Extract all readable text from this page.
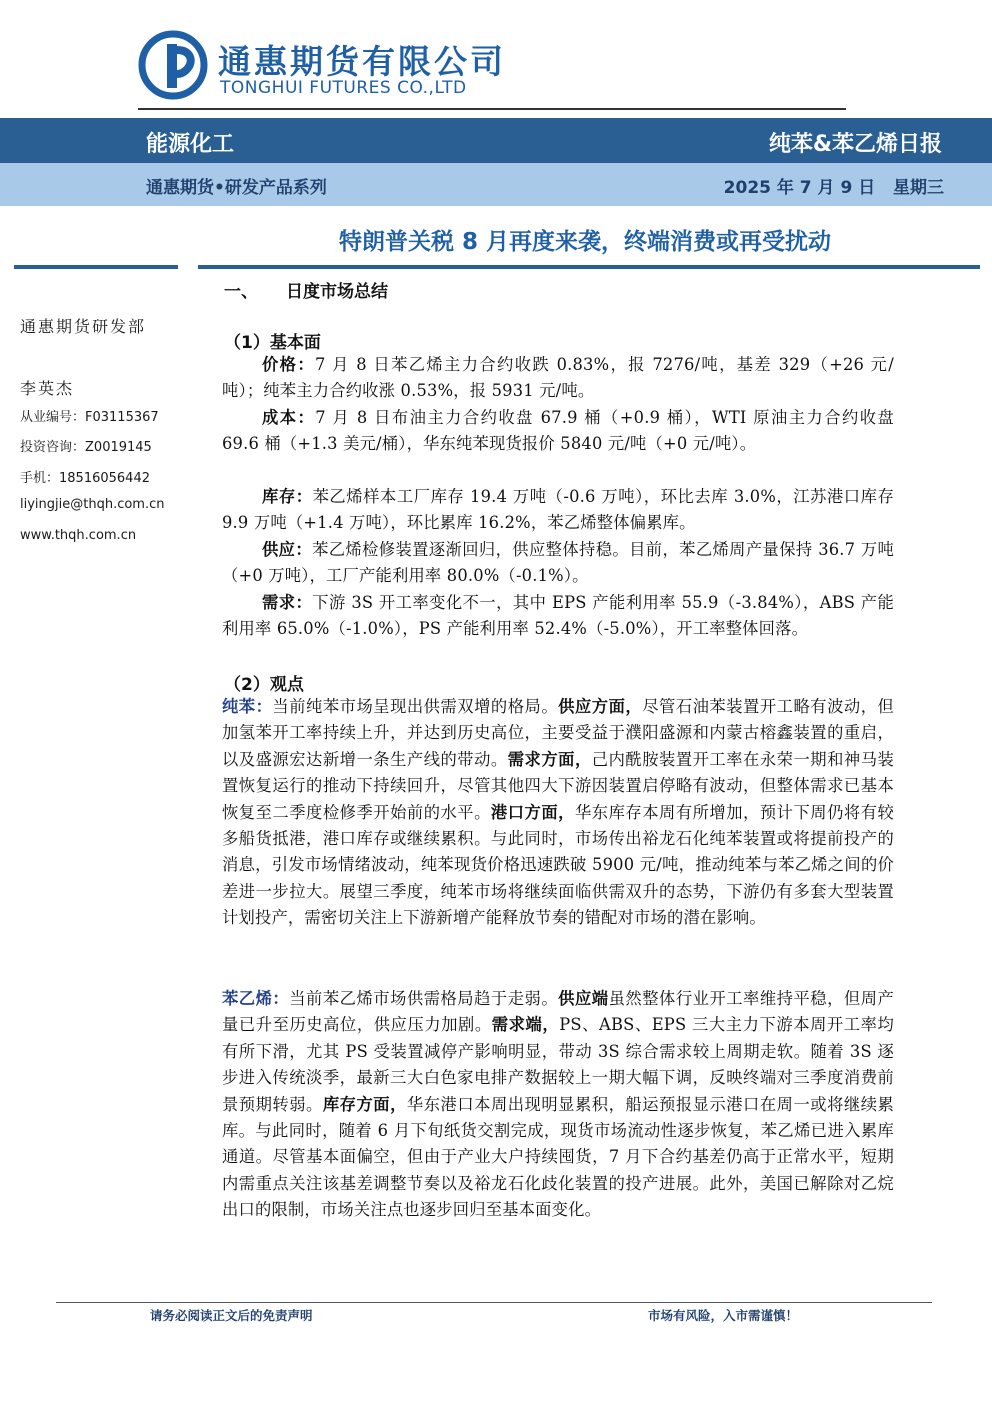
通惠期货有限公司
TONGHUI FUTURES CO.,LTD
能源化工	纯苯&苯乙烯日报
通惠期货•研发产品系列	2025 年 7 月 9 日 星期三
特朗普关税 8 月再度来袭，终端消费或再受扰动
通惠期货研发部
李英杰
从业编号：F03115367
投资咨询：Z0019145
手机：18516056442
liyingjie@thqh.com.cn
www.thqh.com.cn
一、 日度市场总结
（1）基本面
价格：7 月 8 日苯乙烯主力合约收跌 0.83%，报 7276/吨，基差 329（+26 元/吨）；纯苯主力合约收涨 0.53%，报 5931 元/吨。
成本：7 月 8 日布油主力合约收盘 67.9 桶（+0.9 桶），WTI 原油主力合约收盘 69.6 桶（+1.3 美元/桶），华东纯苯现货报价 5840 元/吨（+0 元/吨）。
库存：苯乙烯样本工厂库存 19.4 万吨（-0.6 万吨），环比去库 3.0%，江苏港口库存 9.9 万吨（+1.4 万吨），环比累库 16.2%，苯乙烯整体偏累库。
供应：苯乙烯检修装置逐渐回归，供应整体持稳。目前，苯乙烯周产量保持 36.7 万吨（+0 万吨），工厂产能利用率 80.0%（-0.1%）。
需求：下游 3S 开工率变化不一，其中 EPS 产能利用率 55.9（-3.84%），ABS 产能利用率 65.0%（-1.0%），PS 产能利用率 52.4%（-5.0%），开工率整体回落。
（2）观点
纯苯：当前纯苯市场呈现出供需双增的格局。供应方面，尽管石油苯装置开工略有波动，但加氢苯开工率持续上升，并达到历史高位，主要受益于濮阳盛源和内蒙古榕鑫装置的重启，以及盛源宏达新增一条生产线的带动。需求方面，己内酰胺装置开工率在永荣一期和神马装置恢复运行的推动下持续回升，尽管其他四大下游因装置启停略有波动，但整体需求已基本恢复至二季度检修季开始前的水平。港口方面，华东库存本周有所增加，预计下周仍将有较多船货抵港，港口库存或继续累积。与此同时，市场传出裕龙石化纯苯装置或将提前投产的消息，引发市场情绪波动，纯苯现货价格迅速跌破 5900 元/吨，推动纯苯与苯乙烯之间的价差进一步拉大。展望三季度，纯苯市场将继续面临供需双升的态势，下游仍有多套大型装置计划投产，需密切关注上下游新增产能释放节奏的错配对市场的潜在影响。
苯乙烯：当前苯乙烯市场供需格局趋于走弱。供应端虽然整体行业开工率维持平稳，但周产量已升至历史高位，供应压力加剧。需求端，PS、ABS、EPS 三大主力下游本周开工率均有所下滑，尤其 PS 受装置减停产影响明显，带动 3S 综合需求较上周期走软。随着 3S 逐步进入传统淡季，最新三大白色家电排产数据较上一期大幅下调，反映终端对三季度消费前景预期转弱。库存方面，华东港口本周出现明显累积，船运预报显示港口在周一或将继续累库。与此同时，随着 6 月下旬纸货交割完成，现货市场流动性逐步恢复，苯乙烯已进入累库通道。尽管基本面偏空，但由于产业大户持续囤货，7 月下合约基差仍高于正常水平，短期内需重点关注该基差调整节奏以及裕龙石化歧化装置的投产进展。此外，美国已解除对乙烷出口的限制，市场关注点也逐步回归至基本面变化。
请务必阅读正文后的免责声明	市场有风险，入市需谨慎！
